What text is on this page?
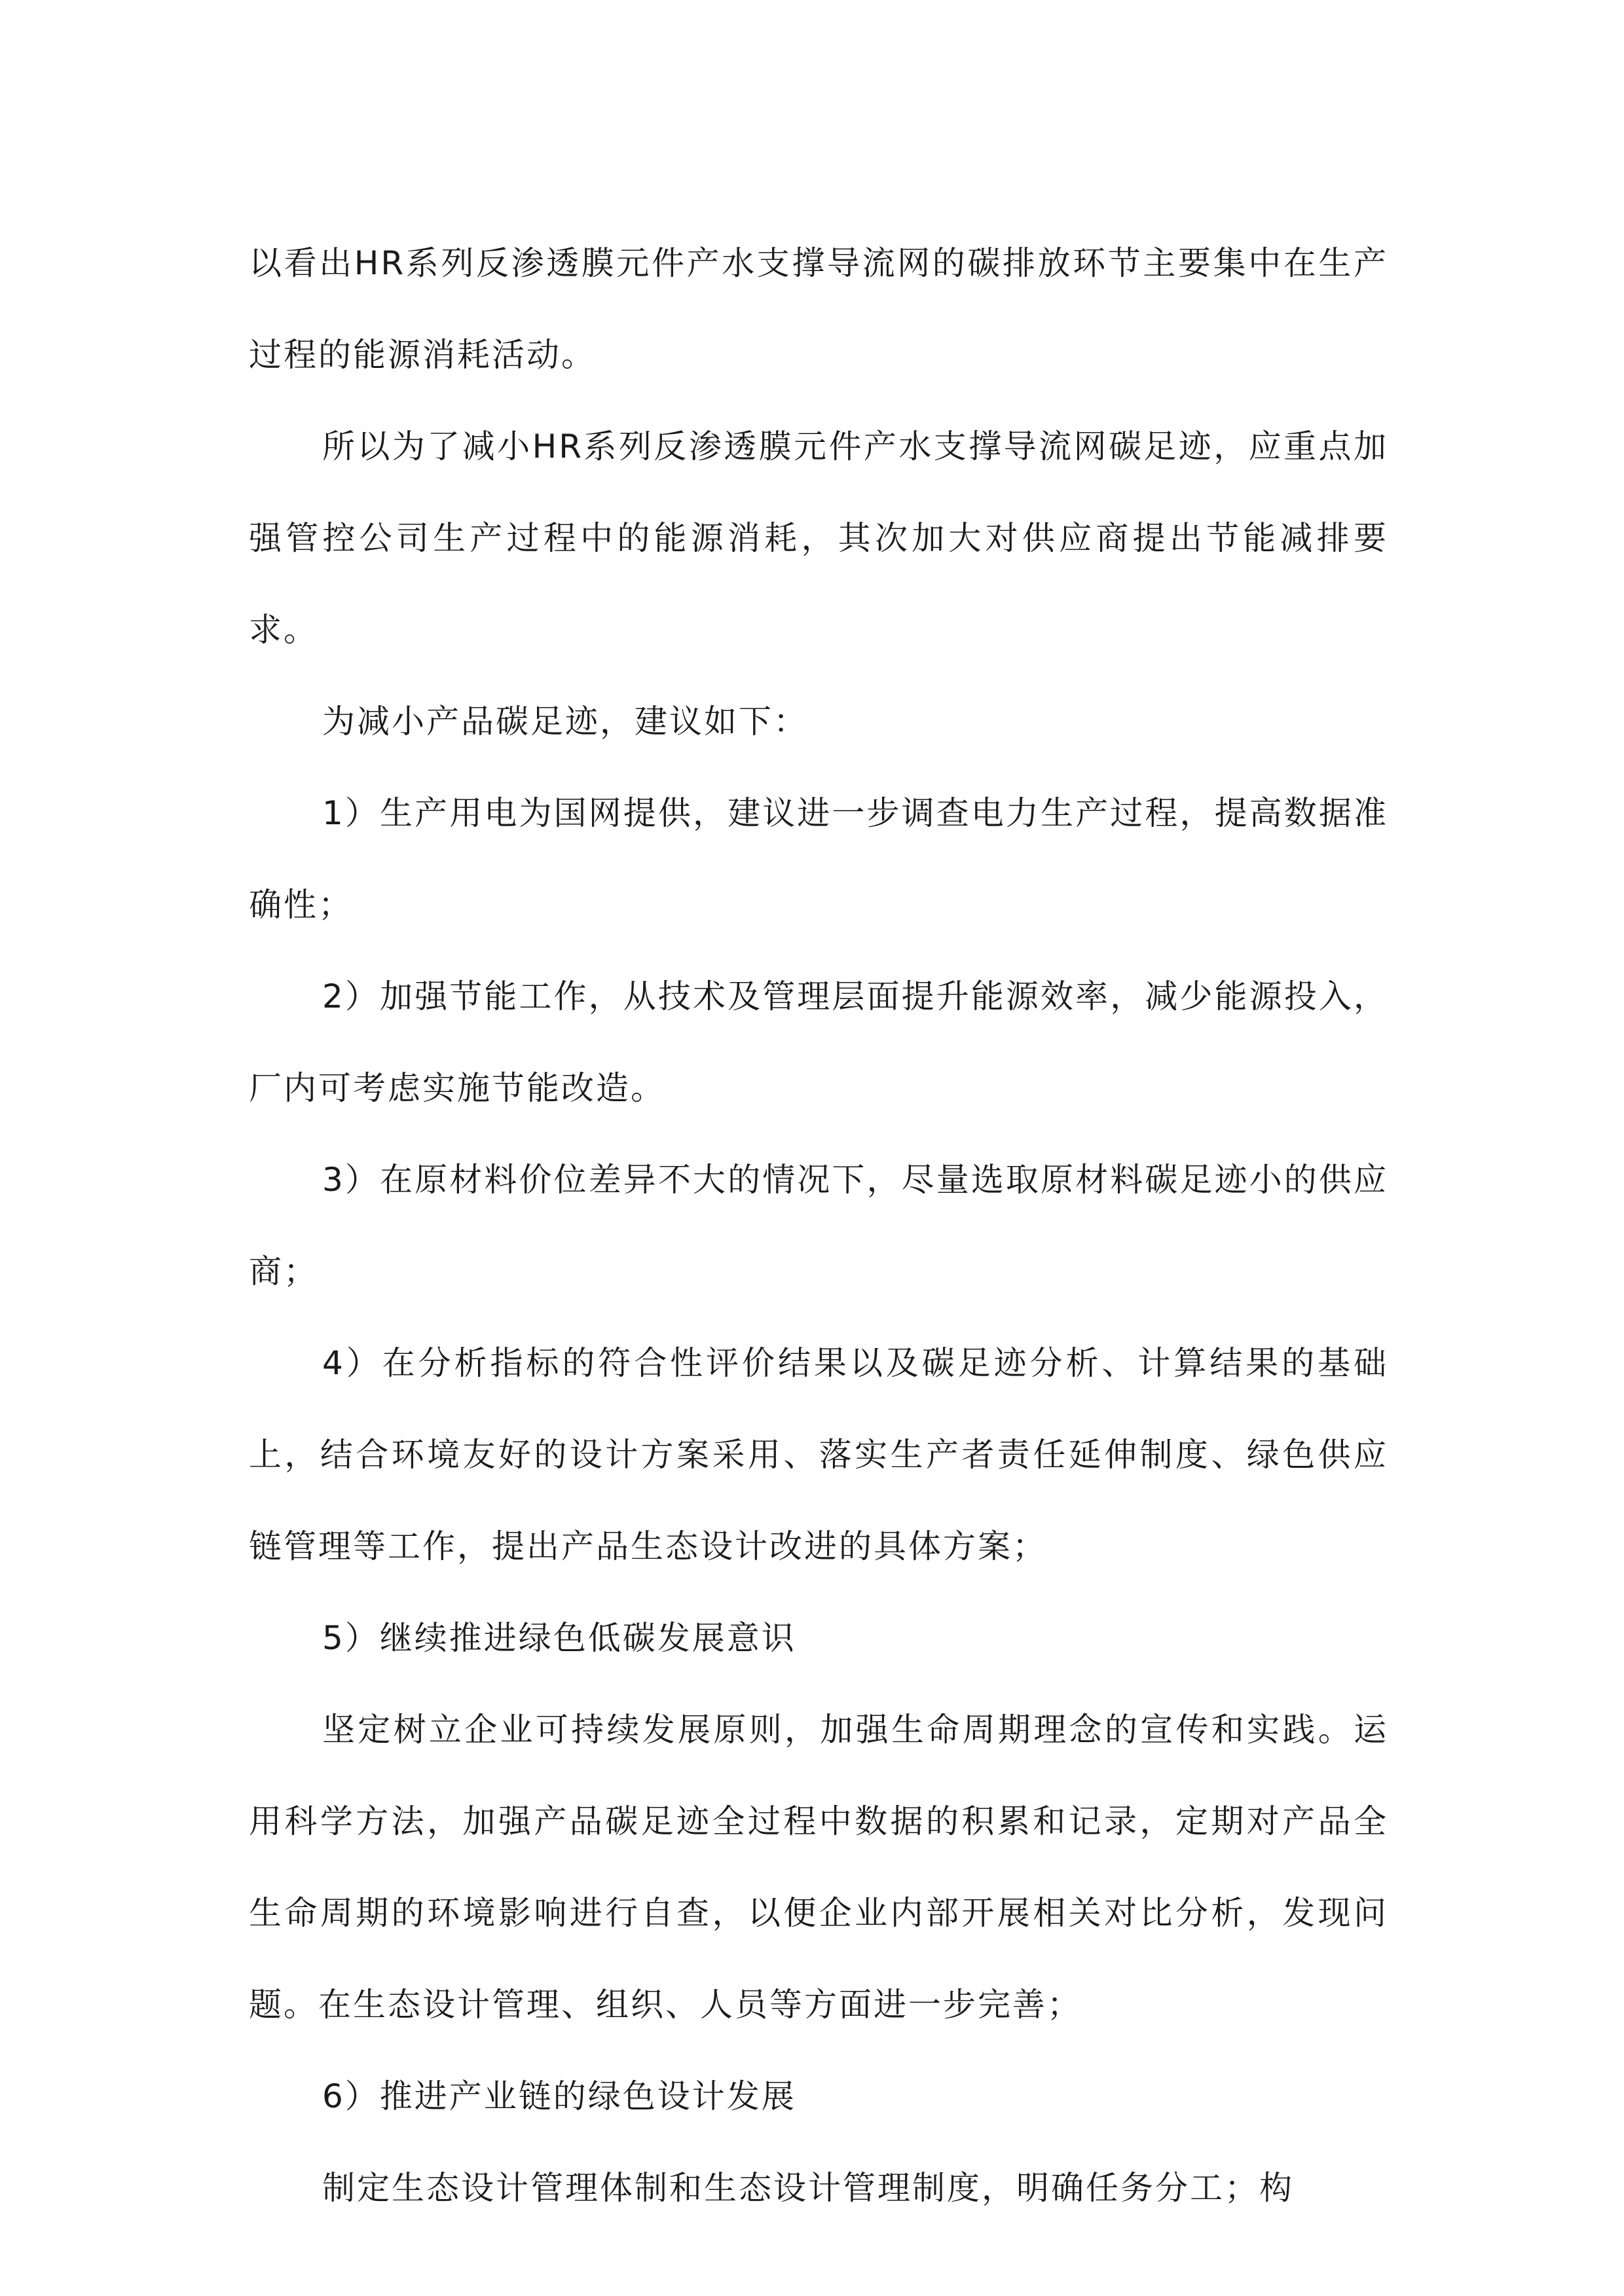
以看出HR系列反渗透膜元件产水支撑导流网的碳排放环节主要集中在生产过程的能源消耗活动。

所以为了减小HR系列反渗透膜元件产水支撑导流网碳足迹，应重点加强管控公司生产过程中的能源消耗，其次加大对供应商提出节能减排要求。

为减小产品碳足迹，建议如下：

1）生产用电为国网提供，建议进一步调查电力生产过程，提高数据准确性；

2）加强节能工作，从技术及管理层面提升能源效率，减少能源投入，厂内可考虑实施节能改造。

3）在原材料价位差异不大的情况下，尽量选取原材料碳足迹小的供应商；

4）在分析指标的符合性评价结果以及碳足迹分析、计算结果的基础上，结合环境友好的设计方案采用、落实生产者责任延伸制度、绿色供应链管理等工作，提出产品生态设计改进的具体方案；

5）继续推进绿色低碳发展意识

坚定树立企业可持续发展原则，加强生命周期理念的宣传和实践。运用科学方法，加强产品碳足迹全过程中数据的积累和记录，定期对产品全生命周期的环境影响进行自查，以便企业内部开展相关对比分析，发现问题。在生态设计管理、组织、人员等方面进一步完善；

6）推进产业链的绿色设计发展

制定生态设计管理体制和生态设计管理制度，明确任务分工；构
